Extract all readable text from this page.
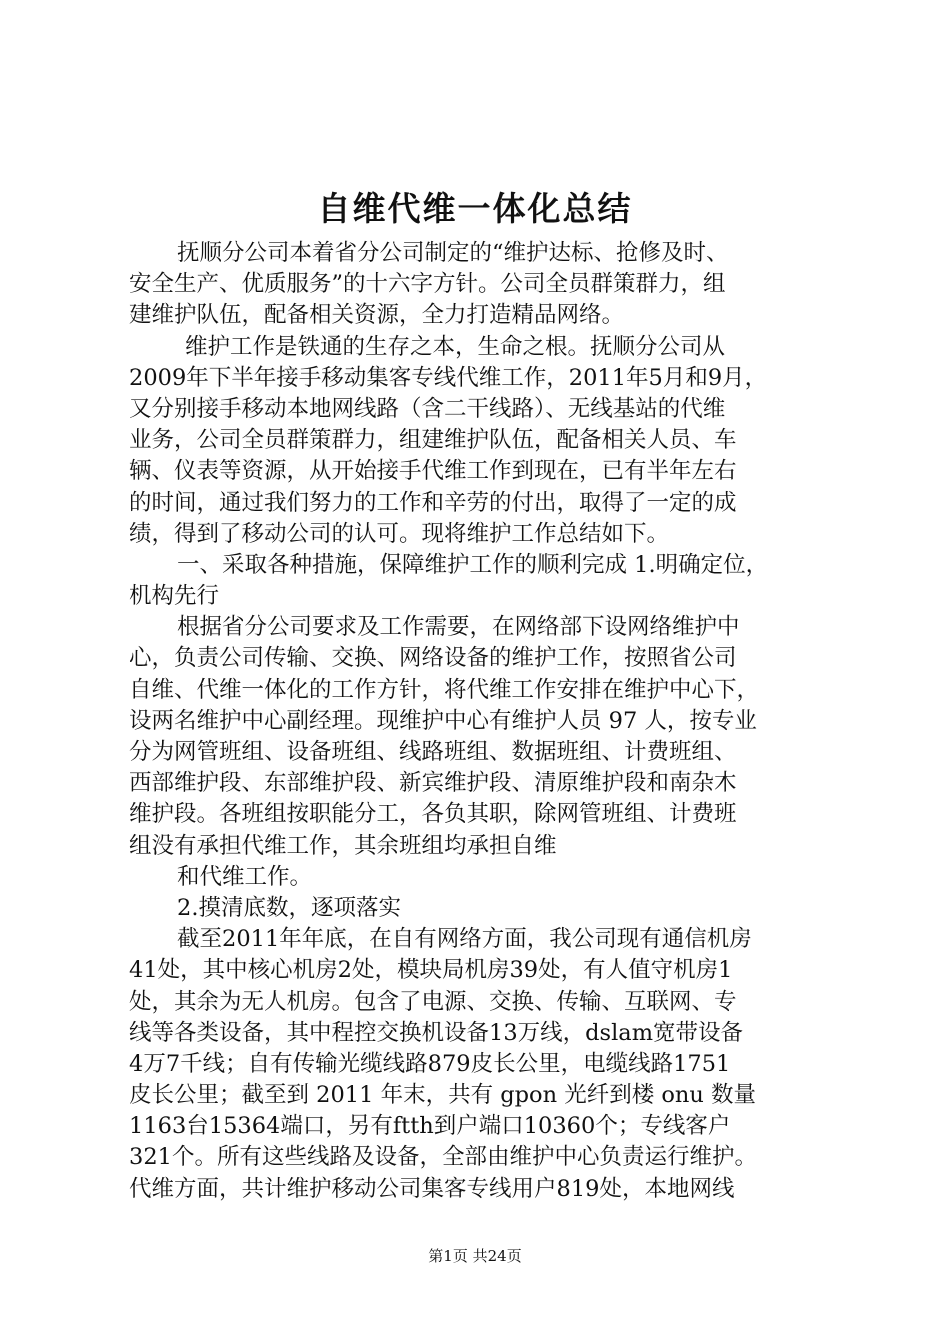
自维代维一体化总结
抚顺分公司本着省分公司制定的“维护达标、抢修及时、
安全生产、优质服务”的十六字方针。公司全员群策群力，组
建维护队伍，配备相关资源，全力打造精品网络。
维护工作是铁通的生存之本，生命之根。抚顺分公司从
2009年下半年接手移动集客专线代维工作，2011年5月和9月，
又分别接手移动本地网线路（含二干线路）、无线基站的代维
业务，公司全员群策群力，组建维护队伍，配备相关人员、车
辆、仪表等资源，从开始接手代维工作到现在，已有半年左右
的时间，通过我们努力的工作和辛劳的付出，取得了一定的成
绩，得到了移动公司的认可。现将维护工作总结如下。
一、采取各种措施，保障维护工作的顺利完成 1.明确定位，
机构先行
根据省分公司要求及工作需要，在网络部下设网络维护中
心，负责公司传输、交换、网络设备的维护工作，按照省公司
自维、代维一体化的工作方针，将代维工作安排在维护中心下，
设两名维护中心副经理。现维护中心有维护人员 97 人，按专业
分为网管班组、设备班组、线路班组、数据班组、计费班组、
西部维护段、东部维护段、新宾维护段、清原维护段和南杂木
维护段。各班组按职能分工，各负其职，除网管班组、计费班
组没有承担代维工作，其余班组均承担自维
和代维工作。
2.摸清底数，逐项落实
截至2011年年底，在自有网络方面，我公司现有通信机房
41处，其中核心机房2处，模块局机房39处，有人值守机房1
处，其余为无人机房。包含了电源、交换、传输、互联网、专
线等各类设备，其中程控交换机设备13万线，dslam宽带设备
4万7千线；自有传输光缆线路879皮长公里，电缆线路1751
皮长公里；截至到 2011 年末，共有 gpon 光纤到楼 onu 数量
1163台15364端口，另有ftth到户端口10360个；专线客户
321个。所有这些线路及设备，全部由维护中心负责运行维护。
代维方面，共计维护移动公司集客专线用户819处，本地网线
第1页 共24页
